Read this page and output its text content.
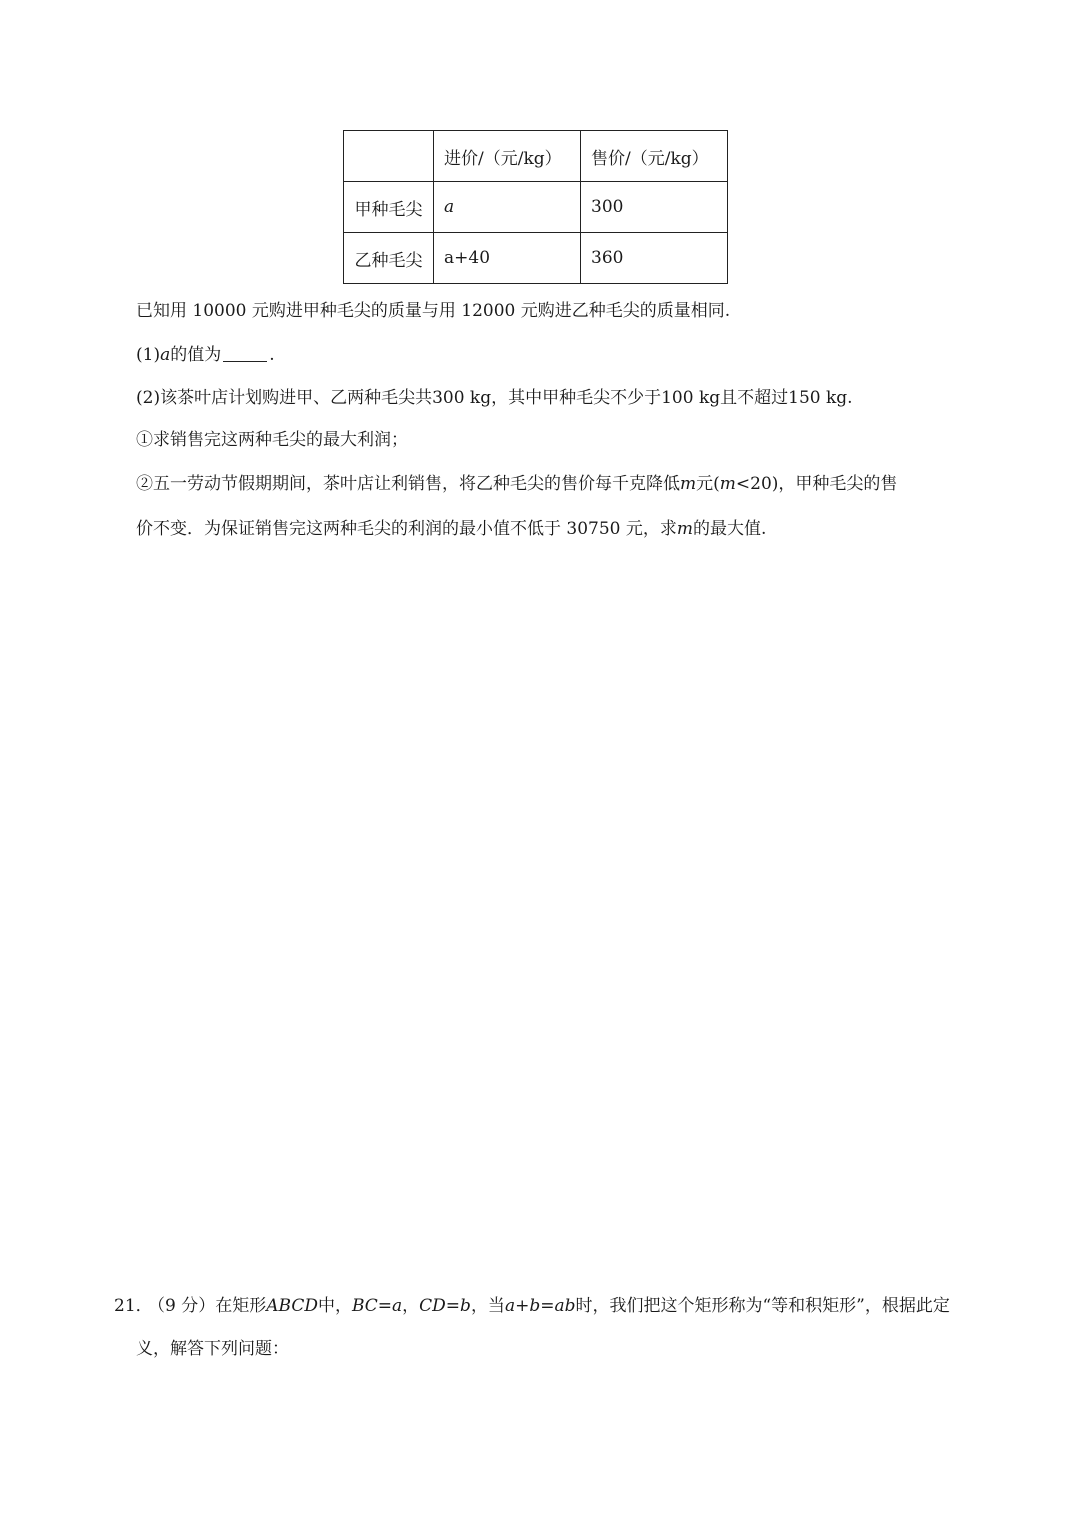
	进价/（元/kg）	售价/（元/kg）
甲种毛尖	a	300
乙种毛尖	a+40	360
已知用 10000 元购进甲种毛尖的质量与用 12000 元购进乙种毛尖的质量相同.
(1)a的值为	.
(2)该茶叶店计划购进甲、乙两种毛尖共300 kg，其中甲种毛尖不少于100 kg且不超过150 kg.
①求销售完这两种毛尖的最大利润；
②五一劳动节假期期间，茶叶店让利销售，将乙种毛尖的售价每千克降低m元(m<20)，甲种毛尖的售
价不变．为保证销售完这两种毛尖的利润的最小值不低于 30750 元，求m的最大值.
21．
（9 分）在矩形ABCD中，BC=a，CD=b，当a+b=ab时，我们把这个矩形称为“等和积矩形”，根据此定
义，解答下列问题：
